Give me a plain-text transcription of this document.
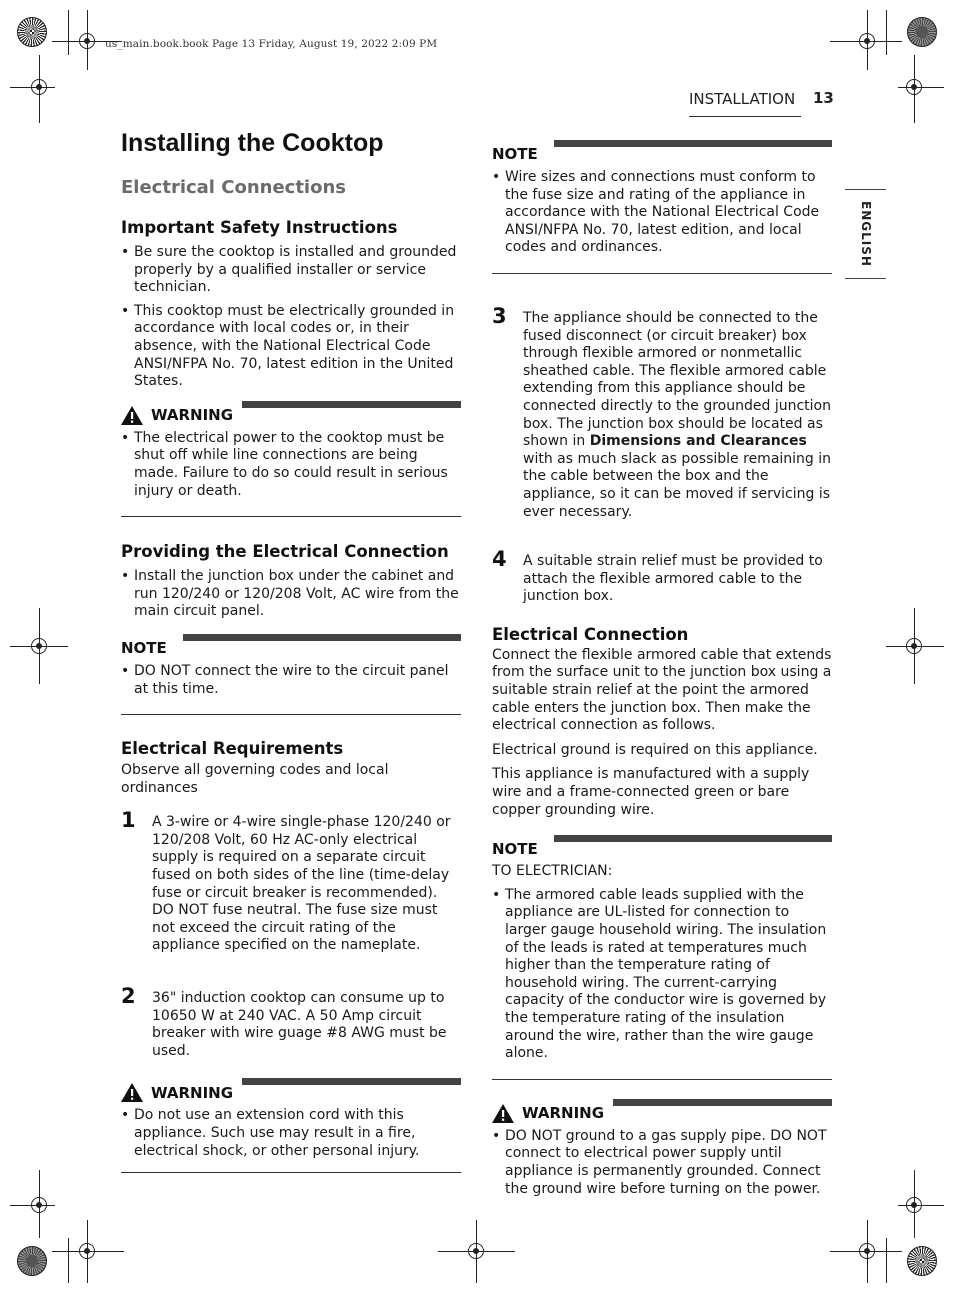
us_main.book.book Page 13 Friday, August 19, 2022 2:09 PM
INSTALLATION 13
ENGLISH
Installing the Cooktop
Electrical Connections
Important Safety Instructions
• Be sure the cooktop is installed and grounded properly by a qualified installer or service technician.
• This cooktop must be electrically grounded in accordance with local codes or, in their absence, with the National Electrical Code ANSI/NFPA No. 70, latest edition in the United States.
WARNING
• The electrical power to the cooktop must be shut off while line connections are being made. Failure to do so could result in serious injury or death.
Providing the Electrical Connection
• Install the junction box under the cabinet and run 120/240 or 120/208 Volt, AC wire from the main circuit panel.
NOTE
• DO NOT connect the wire to the circuit panel at this time.
Electrical Requirements

Observe all governing codes and local ordinances

1 A 3-wire or 4-wire single-phase 120/240 or 120/208 Volt, 60 Hz AC-only electrical supply is required on a separate circuit fused on both sides of the line (time-delay fuse or circuit breaker is recommended). DO NOT fuse neutral. The fuse size must not exceed the circuit rating of the appliance specified on the nameplate.

2 36" induction cooktop can consume up to 10650 W at 240 VAC. A 50 Amp circuit breaker with wire guage #8 AWG must be used.

WARNING
• Do not use an extension cord with this appliance. Such use may result in a fire, electrical shock, or other personal injury.
NOTE
• Wire sizes and connections must conform to the fuse size and rating of the appliance in accordance with the National Electrical Code ANSI/NFPA No. 70, latest edition, and local codes and ordinances.
3 The appliance should be connected to the fused disconnect (or circuit breaker) box through flexible armored or nonmetallic sheathed cable. The flexible armored cable extending from this appliance should be connected directly to the grounded junction box. The junction box should be located as shown in Dimensions and Clearances with as much slack as possible remaining in the cable between the box and the appliance, so it can be moved if servicing is ever necessary.

4 A suitable strain relief must be provided to attach the flexible armored cable to the junction box.

Electrical Connection

Connect the flexible armored cable that extends from the surface unit to the junction box using a suitable strain relief at the point the armored cable enters the junction box. Then make the electrical connection as follows.

Electrical ground is required on this appliance.

This appliance is manufactured with a supply wire and a frame-connected green or bare copper grounding wire.

NOTE

TO ELECTRICIAN:

• The armored cable leads supplied with the appliance are UL-listed for connection to larger gauge household wiring. The insulation of the leads is rated at temperatures much higher than the temperature rating of household wiring. The current-carrying capacity of the conductor wire is governed by the temperature rating of the insulation around the wire, rather than the wire gauge alone.
WARNING
• DO NOT ground to a gas supply pipe. DO NOT connect to electrical power supply until appliance is permanently grounded. Connect the ground wire before turning on the power.
